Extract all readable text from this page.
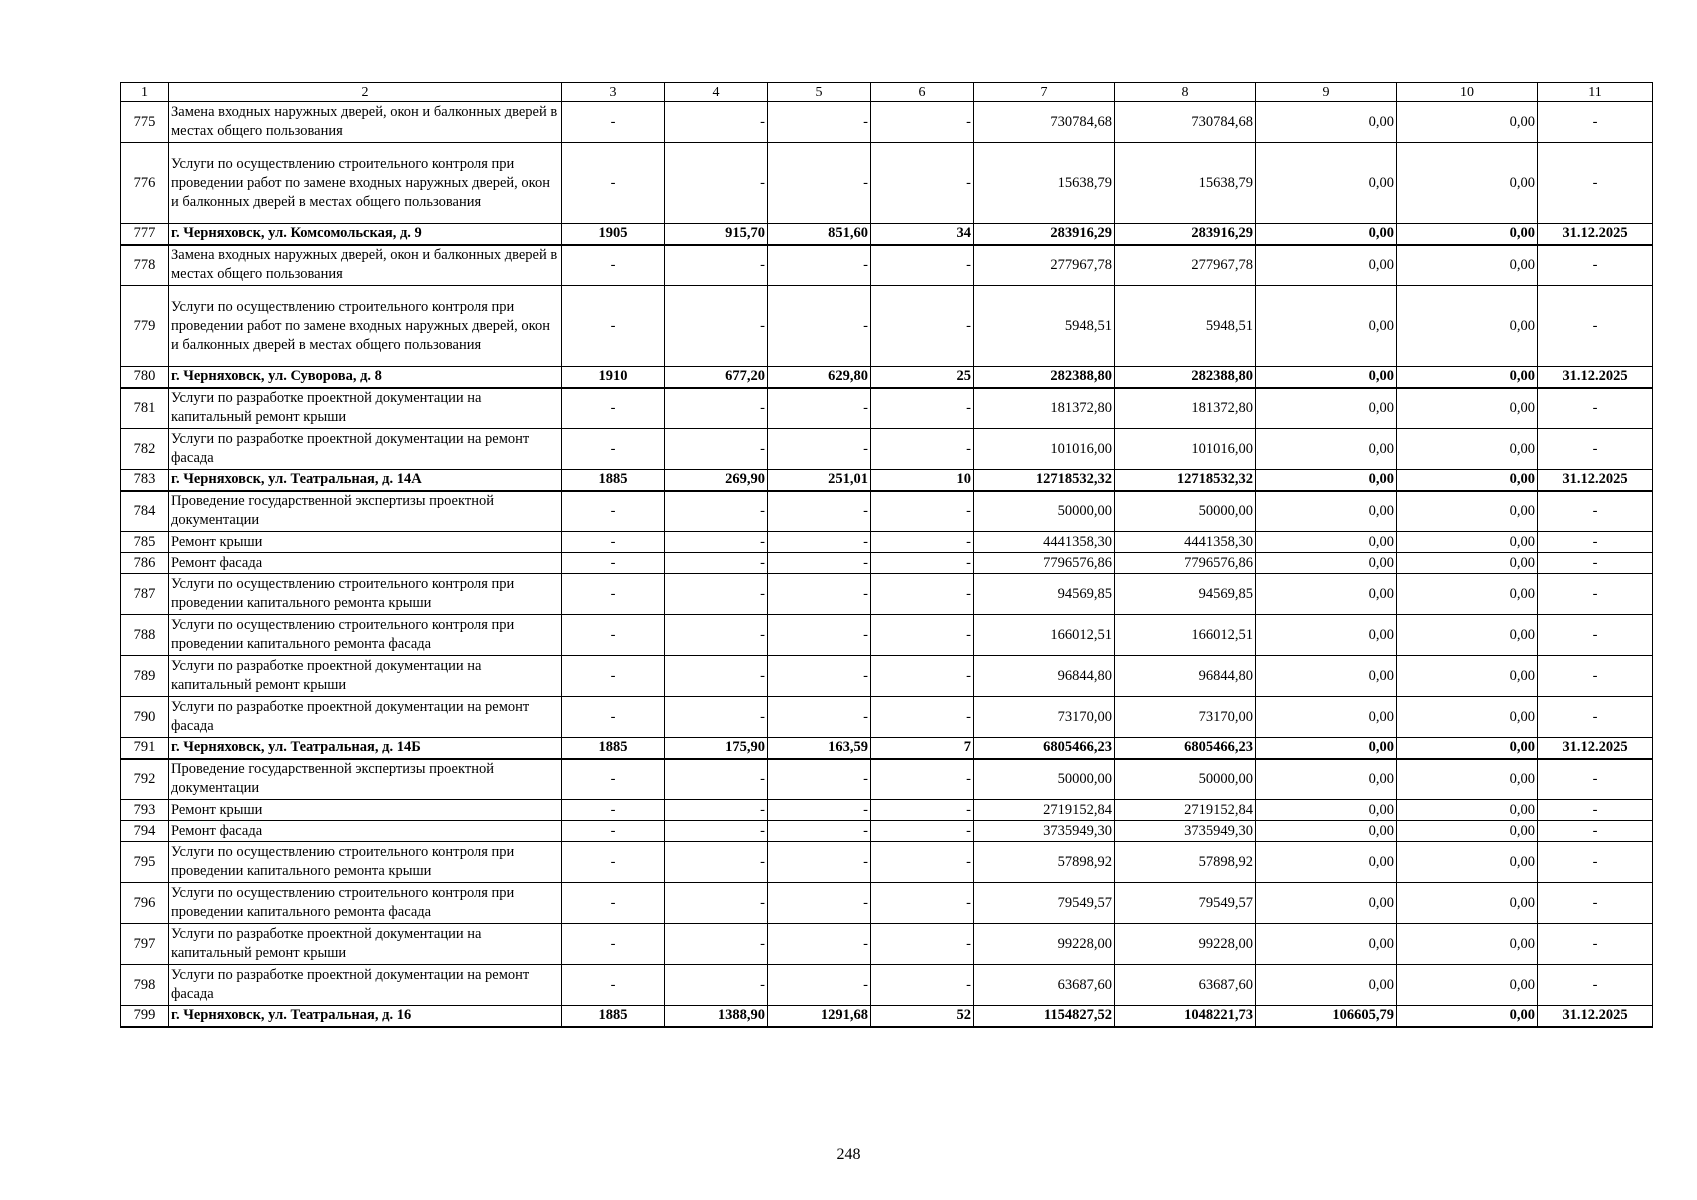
1	2	3	4	5	6	7	8	9	10	11
775	Замена входных наружных дверей, окон и балконных дверей в местах общего пользования	-	-	-	-	730784,68	730784,68	0,00	0,00	-
776	Услуги по осуществлению строительного контроля при проведении работ по замене входных наружных дверей, окон и балконных дверей в местах общего пользования	-	-	-	-	15638,79	15638,79	0,00	0,00	-
777	г. Черняховск, ул. Комсомольская, д. 9	1905	915,70	851,60	34	283916,29	283916,29	0,00	0,00	31.12.2025
778	Замена входных наружных дверей, окон и балконных дверей в местах общего пользования	-	-	-	-	277967,78	277967,78	0,00	0,00	-
779	Услуги по осуществлению строительного контроля при проведении работ по замене входных наружных дверей, окон и балконных дверей в местах общего пользования	-	-	-	-	5948,51	5948,51	0,00	0,00	-
780	г. Черняховск, ул. Суворова, д. 8	1910	677,20	629,80	25	282388,80	282388,80	0,00	0,00	31.12.2025
781	Услуги по разработке проектной документации на капитальный ремонт крыши	-	-	-	-	181372,80	181372,80	0,00	0,00	-
782	Услуги по разработке проектной документации на ремонт фасада	-	-	-	-	101016,00	101016,00	0,00	0,00	-
783	г. Черняховск, ул. Театральная, д. 14А	1885	269,90	251,01	10	12718532,32	12718532,32	0,00	0,00	31.12.2025
784	Проведение государственной экспертизы проектной документации	-	-	-	-	50000,00	50000,00	0,00	0,00	-
785	Ремонт крыши	-	-	-	-	4441358,30	4441358,30	0,00	0,00	-
786	Ремонт фасада	-	-	-	-	7796576,86	7796576,86	0,00	0,00	-
787	Услуги по осуществлению строительного контроля при проведении капитального ремонта крыши	-	-	-	-	94569,85	94569,85	0,00	0,00	-
788	Услуги по осуществлению строительного контроля при проведении капитального ремонта фасада	-	-	-	-	166012,51	166012,51	0,00	0,00	-
789	Услуги по разработке проектной документации на капитальный ремонт крыши	-	-	-	-	96844,80	96844,80	0,00	0,00	-
790	Услуги по разработке проектной документации на ремонт фасада	-	-	-	-	73170,00	73170,00	0,00	0,00	-
791	г. Черняховск, ул. Театральная, д. 14Б	1885	175,90	163,59	7	6805466,23	6805466,23	0,00	0,00	31.12.2025
792	Проведение государственной экспертизы проектной документации	-	-	-	-	50000,00	50000,00	0,00	0,00	-
793	Ремонт крыши	-	-	-	-	2719152,84	2719152,84	0,00	0,00	-
794	Ремонт фасада	-	-	-	-	3735949,30	3735949,30	0,00	0,00	-
795	Услуги по осуществлению строительного контроля при проведении капитального ремонта крыши	-	-	-	-	57898,92	57898,92	0,00	0,00	-
796	Услуги по осуществлению строительного контроля при проведении капитального ремонта фасада	-	-	-	-	79549,57	79549,57	0,00	0,00	-
797	Услуги по разработке проектной документации на капитальный ремонт крыши	-	-	-	-	99228,00	99228,00	0,00	0,00	-
798	Услуги по разработке проектной документации на ремонт фасада	-	-	-	-	63687,60	63687,60	0,00	0,00	-
799	г. Черняховск, ул. Театральная, д. 16	1885	1388,90	1291,68	52	1154827,52	1048221,73	106605,79	0,00	31.12.2025
248
